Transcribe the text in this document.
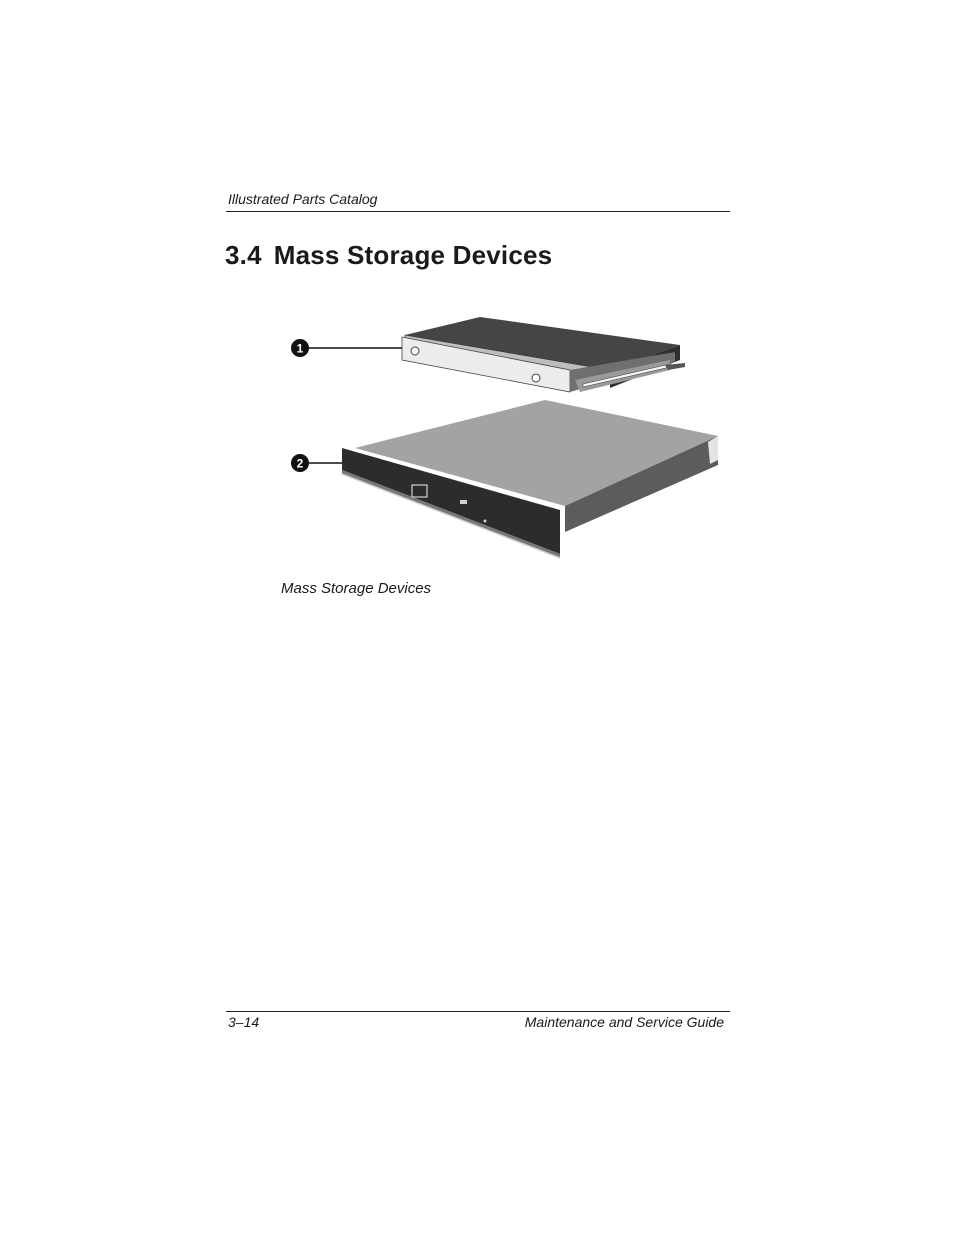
Illustrated Parts Catalog
3.4 Mass Storage Devices
1
2
Mass Storage Devices
3–14	Maintenance and Service Guide
